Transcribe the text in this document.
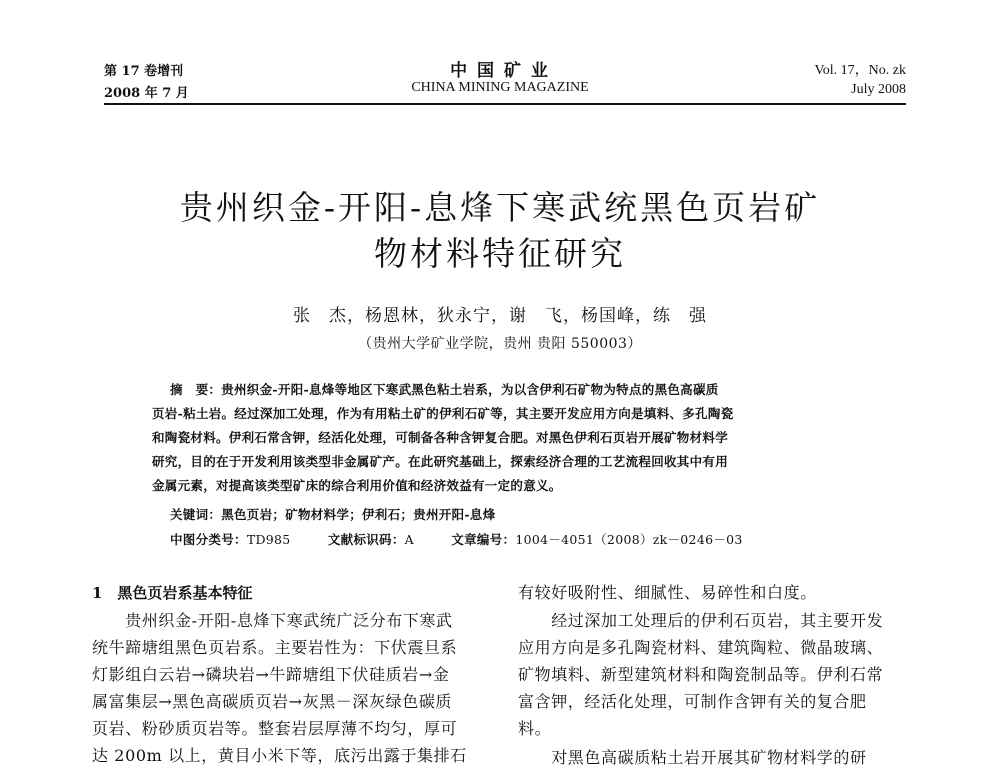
第 17 卷增刊
2008 年 7 月
中 国 矿 业
CHINA MINING MAGAZINE
Vol. 17，No. zk
July 2008
贵州织金-开阳-息烽下寒武统黑色页岩矿
物材料特征研究
张　杰，杨恩林，狄永宁，谢　飞，杨国峰，练　强
（贵州大学矿业学院，贵州 贵阳 550003）
摘　要：贵州织金-开阳-息烽等地区下寒武黑色粘土岩系，为以含伊利石矿物为特点的黑色高碳质
页岩-粘土岩。经过深加工处理，作为有用粘土矿的伊利石矿等，其主要开发应用方向是填料、多孔陶瓷
和陶瓷材料。伊利石常含钾，经活化处理，可制备各种含钾复合肥。对黑色伊利石页岩开展矿物材料学
研究，目的在于开发利用该类型非金属矿产。在此研究基础上，探索经济合理的工艺流程回收其中有用
金属元素，对提高该类型矿床的综合利用价值和经济效益有一定的意义。
关键词：黑色页岩；矿物材料学；伊利石；贵州开阳-息烽
中图分类号：TD985	文献标识码：A	文章编号：1004－4051（2008）zk－0246－03
1　黑色页岩系基本特征
　　贵州织金-开阳-息烽下寒武统广泛分布下寒武
统牛蹄塘组黑色页岩系。主要岩性为：下伏震旦系
灯影组白云岩→磷块岩→牛蹄塘组下伏硅质岩→金
属富集层→黑色高碳质页岩→灰黑－深灰绿色碳质
页岩、粉砂质页岩等。整套岩层厚薄不均匀，厚可
达 200m 以上，黄目小米下等，底污出露于集排石
有较好吸附性、细腻性、易碎性和白度。
　　经过深加工处理后的伊利石页岩，其主要开发
应用方向是多孔陶瓷材料、建筑陶粒、微晶玻璃、
矿物填料、新型建筑材料和陶瓷制品等。伊利石常
富含钾，经活化处理，可制作含钾有关的复合肥
料。
　　对黑色高碳质粘土岩开展其矿物材料学的研
